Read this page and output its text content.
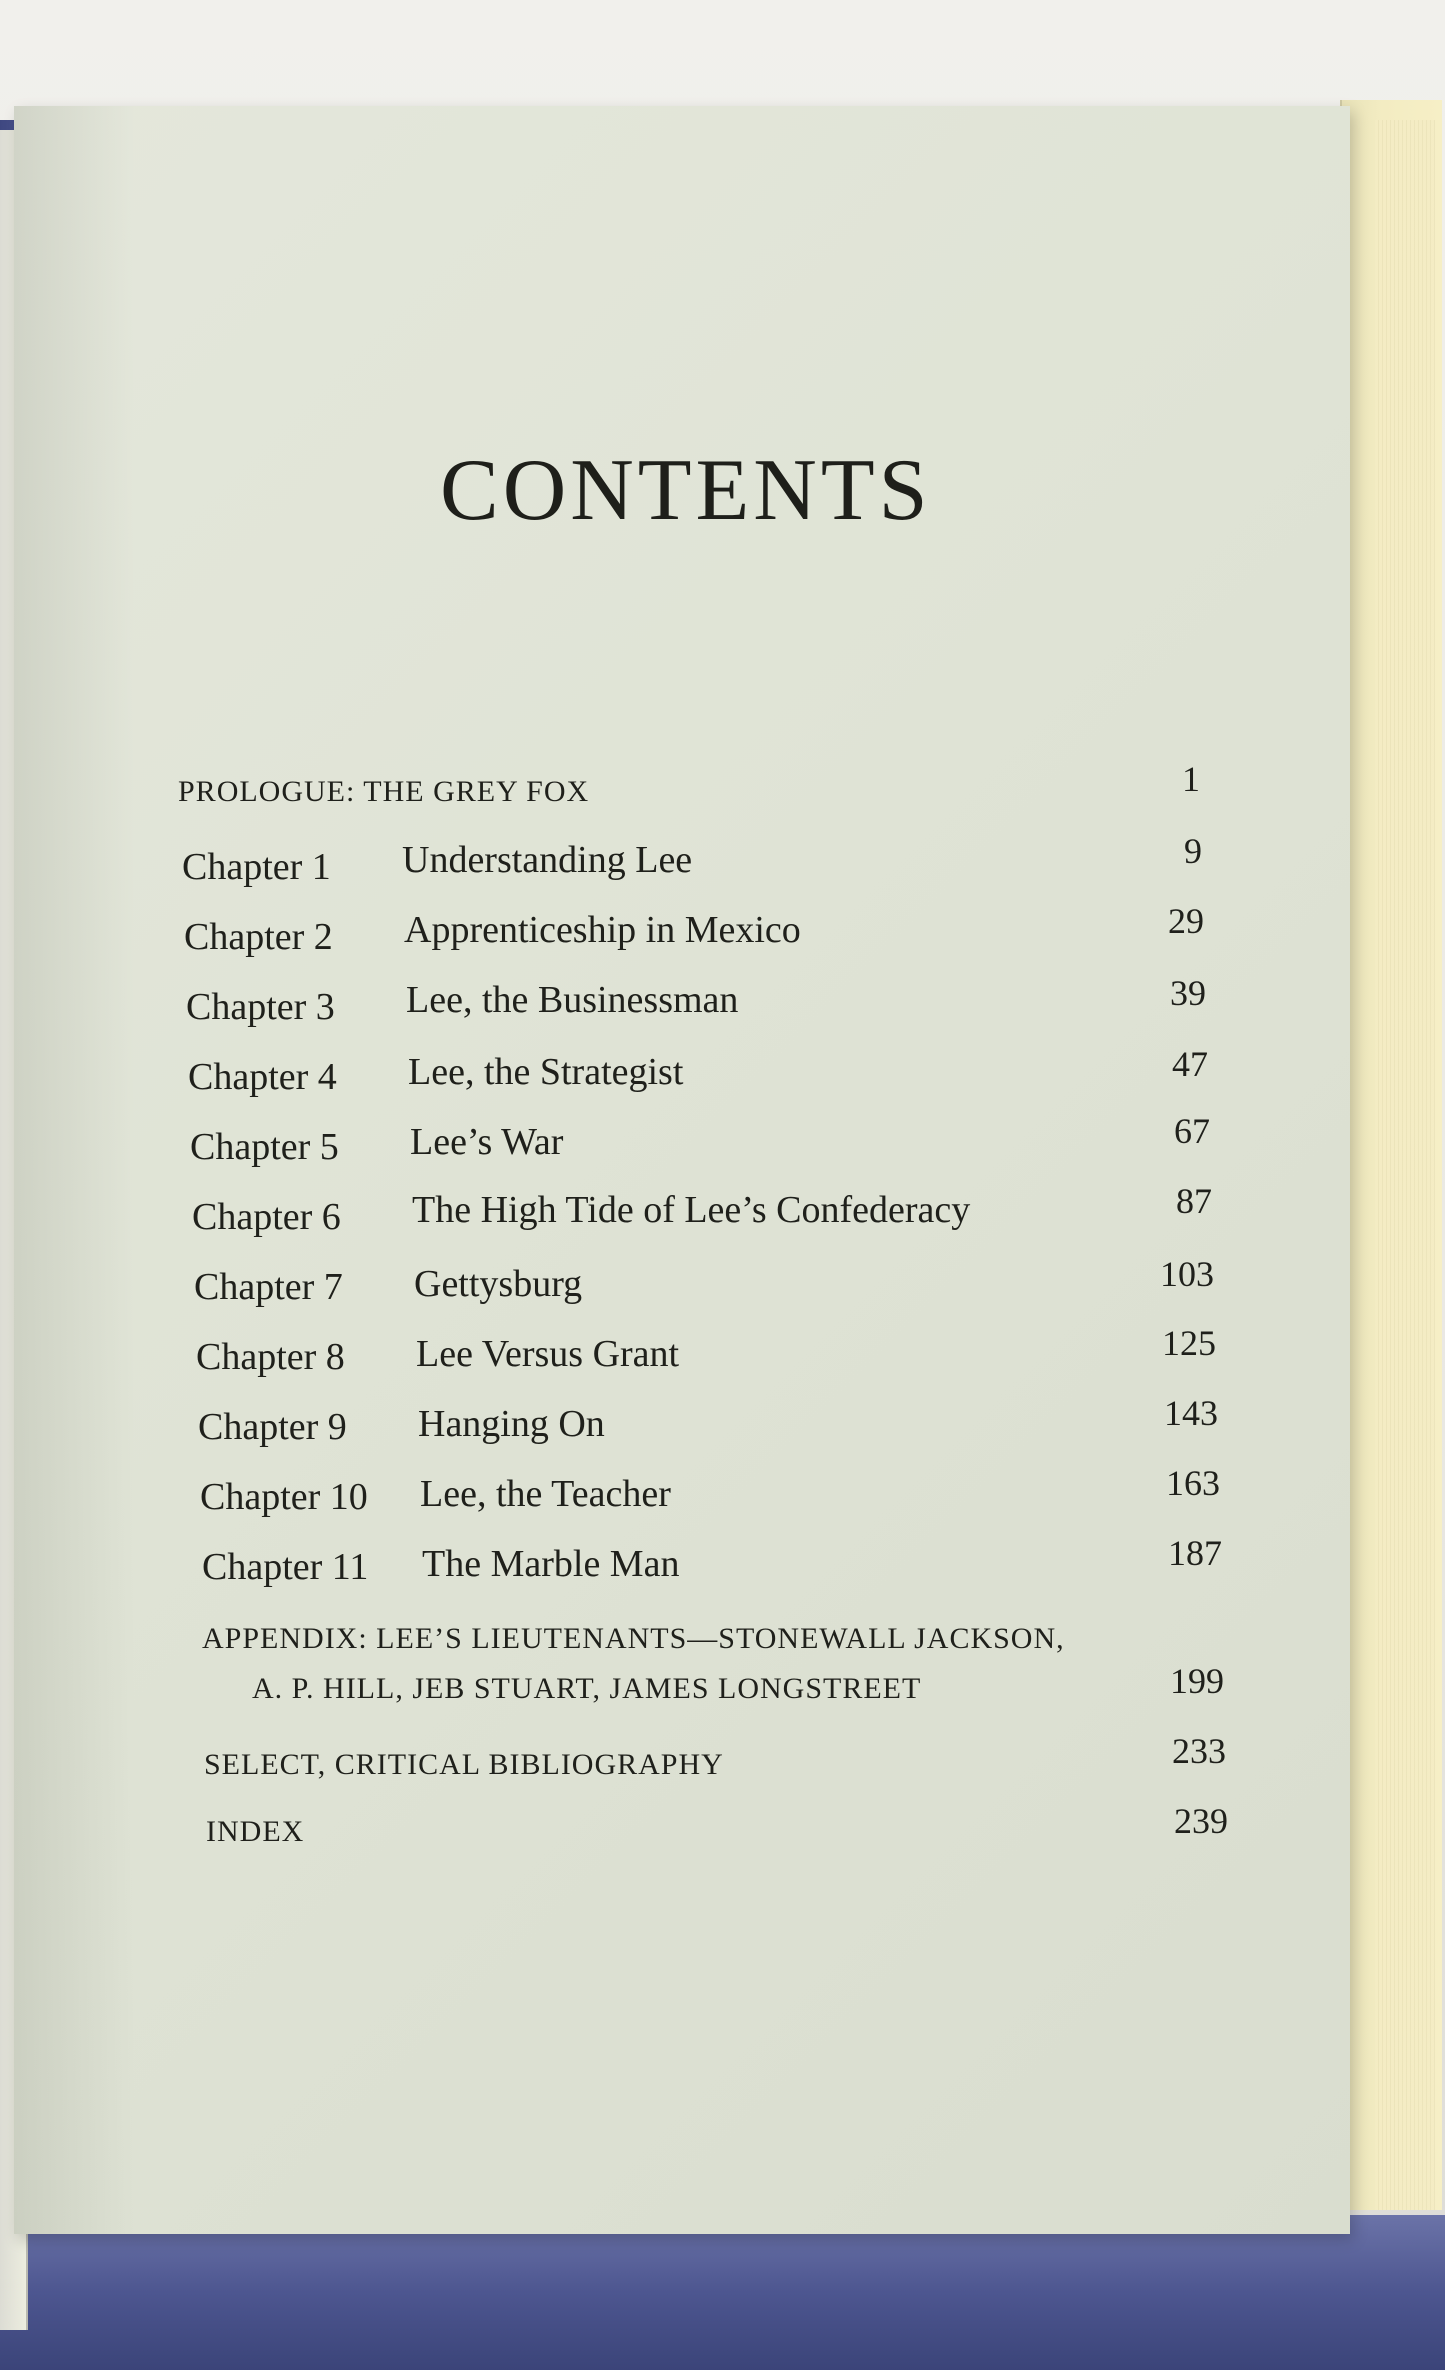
CONTENTS
PROLOGUE: THE GREY FOX	1
Chapter 1 Understanding Lee	9
Chapter 2 Apprenticeship in Mexico	29
Chapter 3 Lee, the Businessman	39
Chapter 4 Lee, the Strategist	47
Chapter 5 Lee’s War	67
Chapter 6 The High Tide of Lee’s Confederacy	87
Chapter 7 Gettysburg	103
Chapter 8 Lee Versus Grant	125
Chapter 9 Hanging On	143
Chapter 10 Lee, the Teacher	163
Chapter 11 The Marble Man	187
APPENDIX: LEE’S LIEUTENANTS—STONEWALL JACKSON,
A. P. HILL, JEB STUART, JAMES LONGSTREET	199
SELECT, CRITICAL BIBLIOGRAPHY	233
INDEX	239
